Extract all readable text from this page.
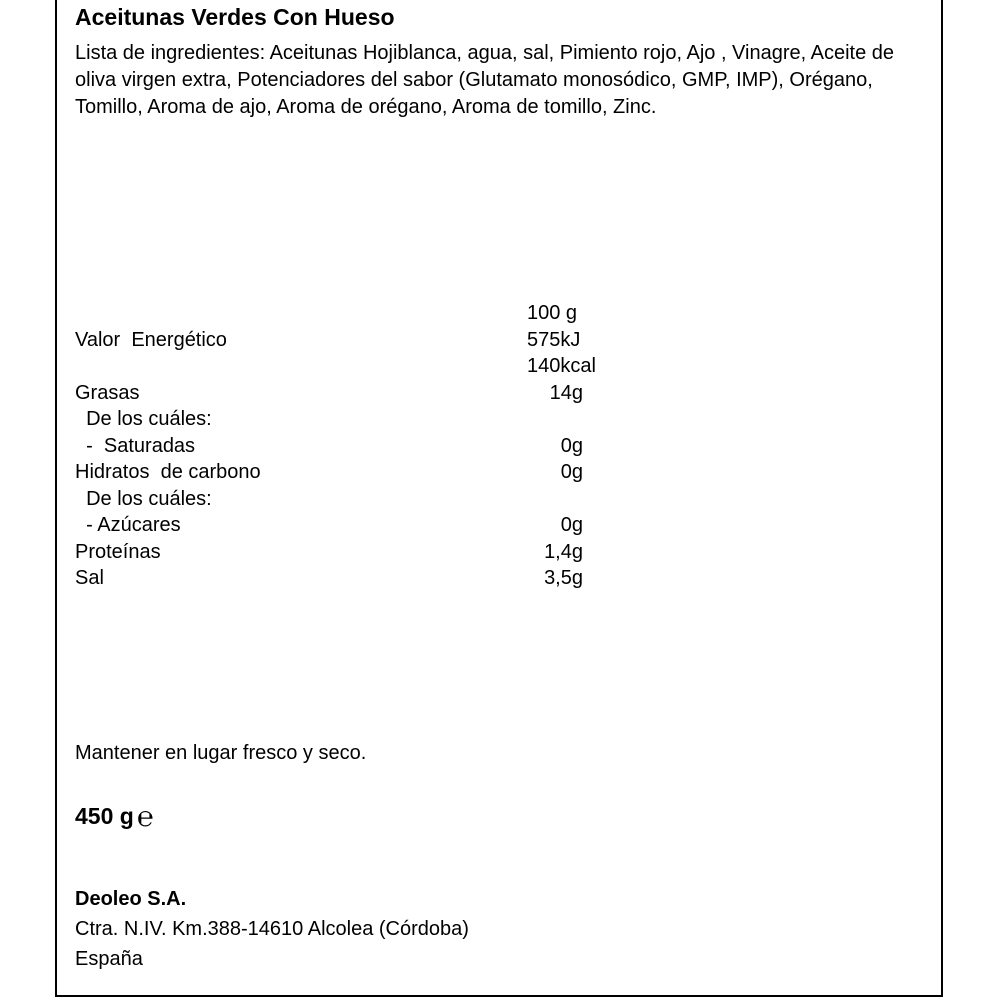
Aceitunas Verdes Con Hueso
Lista de ingredientes: Aceitunas Hojiblanca, agua, sal, Pimiento rojo, Ajo , Vinagre, Aceite de oliva virgen extra, Potenciadores del sabor (Glutamato monosódico, GMP, IMP), Orégano, Tomillo, Aroma de ajo, Aroma de orégano, Aroma de tomillo, Zinc.
100 g
Valor  Energético	575kJ
140kcal
Grasas	14g
De los cuáles:
-  Saturadas	0g
Hidratos  de carbono	0g
De los cuáles:
- Azúcares	0g
Proteínas	1,4g
Sal	3,5g
Mantener en lugar fresco y seco.
450 g ℮
Deoleo S.A.
Ctra. N.IV. Km.388-14610 Alcolea (Córdoba)
España
